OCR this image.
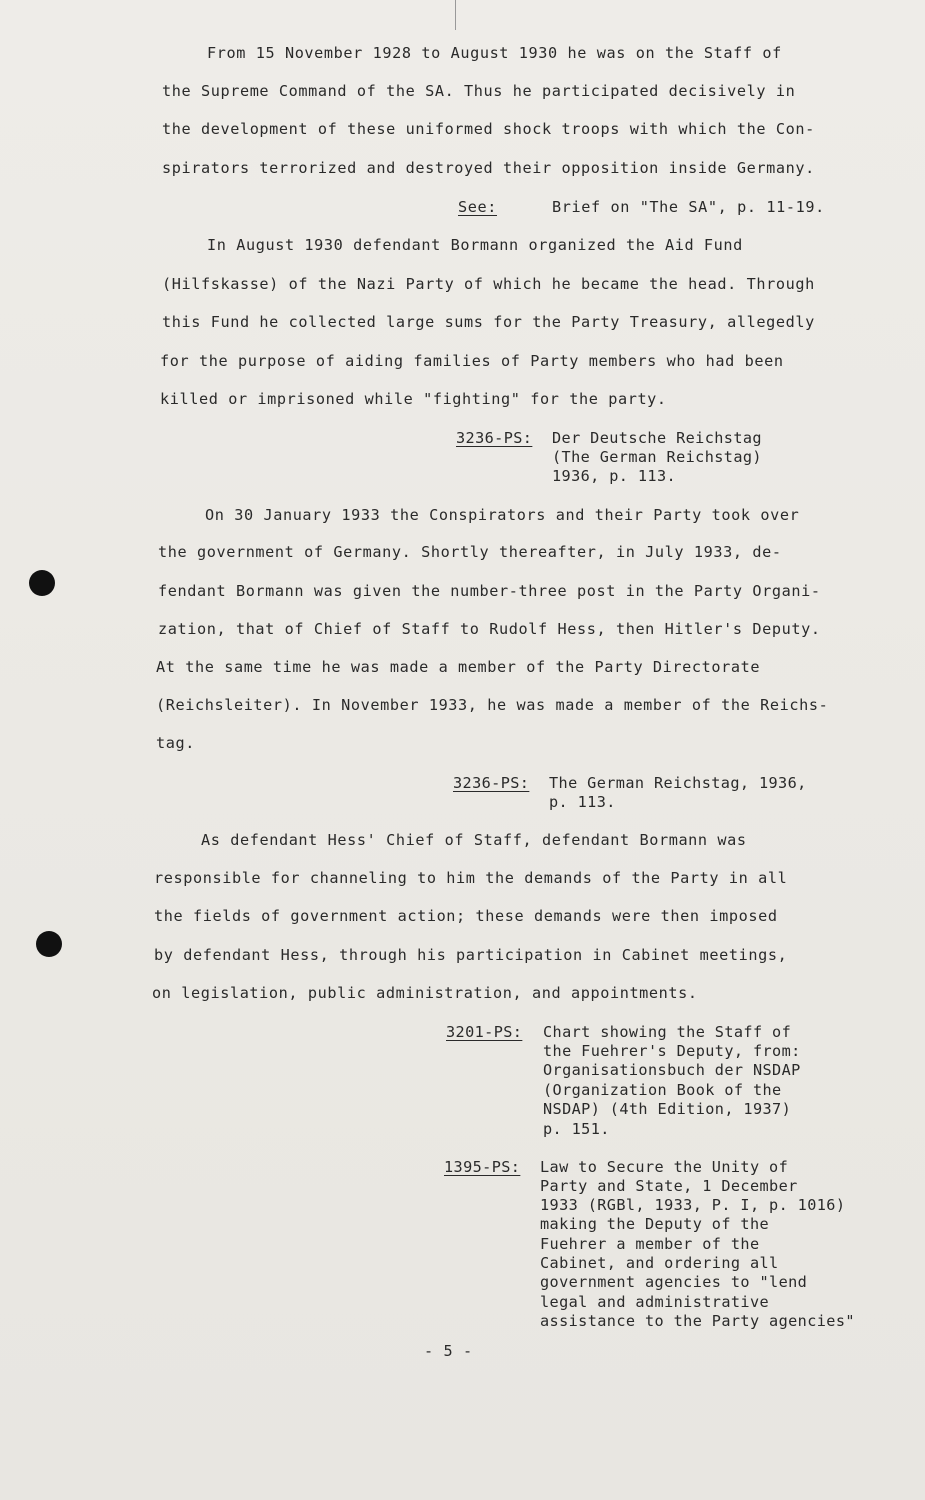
From 15 November 1928 to August 1930 he was on the Staff of
the Supreme Command of the SA. Thus he participated decisively in
the development of these uniformed shock troops with which the Con-
spirators terrorized and destroyed their opposition inside Germany.
See:	Brief on "The SA", p. 11-19.
In August 1930 defendant Bormann organized the Aid Fund
(Hilfskasse) of the Nazi Party of which he became the head. Through
this Fund he collected large sums for the Party Treasury, allegedly
for the purpose of aiding families of Party members who had been
killed or imprisoned while "fighting" for the party.
3236-PS: Der Deutsche Reichstag
(The German Reichstag)
1936, p. 113.
On 30 January 1933 the Conspirators and their Party took over
the government of Germany. Shortly thereafter, in July 1933, de-
fendant Bormann was given the number-three post in the Party Organi-
zation, that of Chief of Staff to Rudolf Hess, then Hitler's Deputy.
At the same time he was made a member of the Party Directorate
(Reichsleiter). In November 1933, he was made a member of the Reichs-
tag.
3236-PS: The German Reichstag, 1936,
p. 113.
As defendant Hess' Chief of Staff, defendant Bormann was
responsible for channeling to him the demands of the Party in all
the fields of government action; these demands were then imposed
by defendant Hess, through his participation in Cabinet meetings,
on legislation, public administration, and appointments.
3201-PS: Chart showing the Staff of
the Fuehrer's Deputy, from:
Organisationsbuch der NSDAP
(Organization Book of the
NSDAP) (4th Edition, 1937)
p. 151.
1395-PS: Law to Secure the Unity of
Party and State, 1 December
1933 (RGBl, 1933, P. I, p. 1016)
making the Deputy of the
Fuehrer a member of the
Cabinet, and ordering all
government agencies to "lend
legal and administrative
assistance to the Party agencies"
- 5 -
